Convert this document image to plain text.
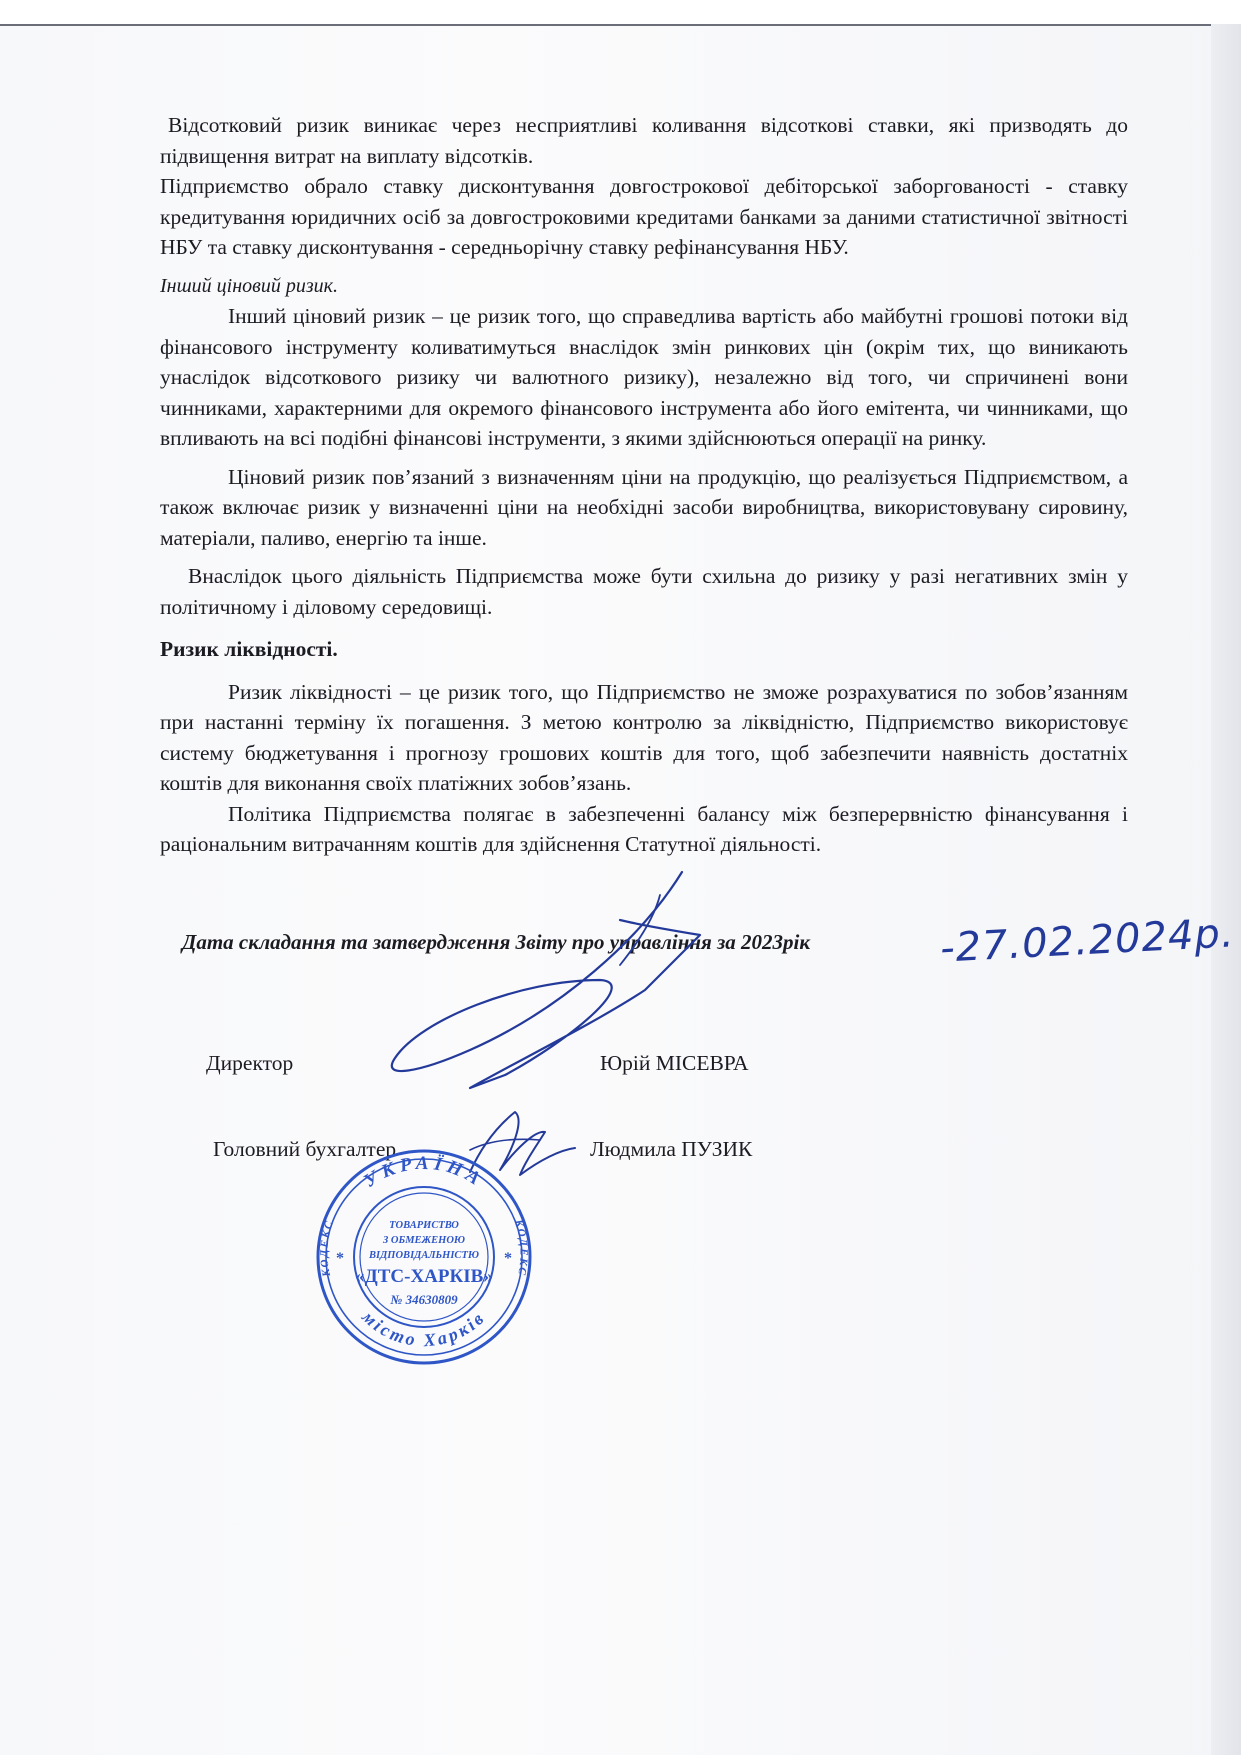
Відсотковий ризик виникає через несприятливі коливання відсоткові ставки, які призводять до підвищення витрат на виплату відсотків.

Підприємство обрало ставку дисконтування довгострокової дебіторської заборгованості - ставку кредитування юридичних осіб за довгостроковими кредитами банками за даними статистичної звітності НБУ та ставку дисконтування - середньорічну ставку рефінансування НБУ.

Інший ціновий ризик.

Інший ціновий ризик – це ризик того, що справедлива вартість або майбутні грошові потоки від фінансового інструменту коливатимуться внаслідок змін ринкових цін (окрім тих, що виникають унаслідок відсоткового ризику чи валютного ризику), незалежно від того, чи спричинені вони чинниками, характерними для окремого фінансового інструмента або його емітента, чи чинниками, що впливають на всі подібні фінансові інструменти, з якими здійснюються операції на ринку.

Ціновий ризик пов’язаний з визначенням ціни на продукцію, що реалізується Підприємством, а також включає ризик у визначенні ціни на необхідні засоби виробництва, використовувану сировину, матеріали, паливо, енергію та інше.

Внаслідок цього діяльність Підприємства може бути схильна до ризику у разі негативних змін у політичному і діловому середовищі.

Ризик ліквідності.

Ризик ліквідності – це ризик того, що Підприємство не зможе розрахуватися по зобов’язанням при настанні терміну їх погашення. З метою контролю за ліквідністю, Підприємство використовує систему бюджетування і прогнозу грошових коштів для того, щоб забезпечити наявність достатніх коштів для виконання своїх платіжних зобов’язань.

Політика Підприємства полягає в забезпеченні балансу між безперервністю фінансування і раціональним витрачанням коштів для здійснення Статутної діяльності.

Дата складання та затвердження Звіту про управління за 2023рік	-27.02.2024р.
Директор	Юрій МІСЕВРА
Головний бухгалтер	Людмила ПУЗИК
УКРАЇНА
місто Харків
КОДЕКС	КОДЕКС
ТОВАРИСТВО
З ОБМЕЖЕНОЮ
ВІДПОВІДАЛЬНІСТЮ
«ДТС-ХАРКІВ»
№ 34630809
*	*
